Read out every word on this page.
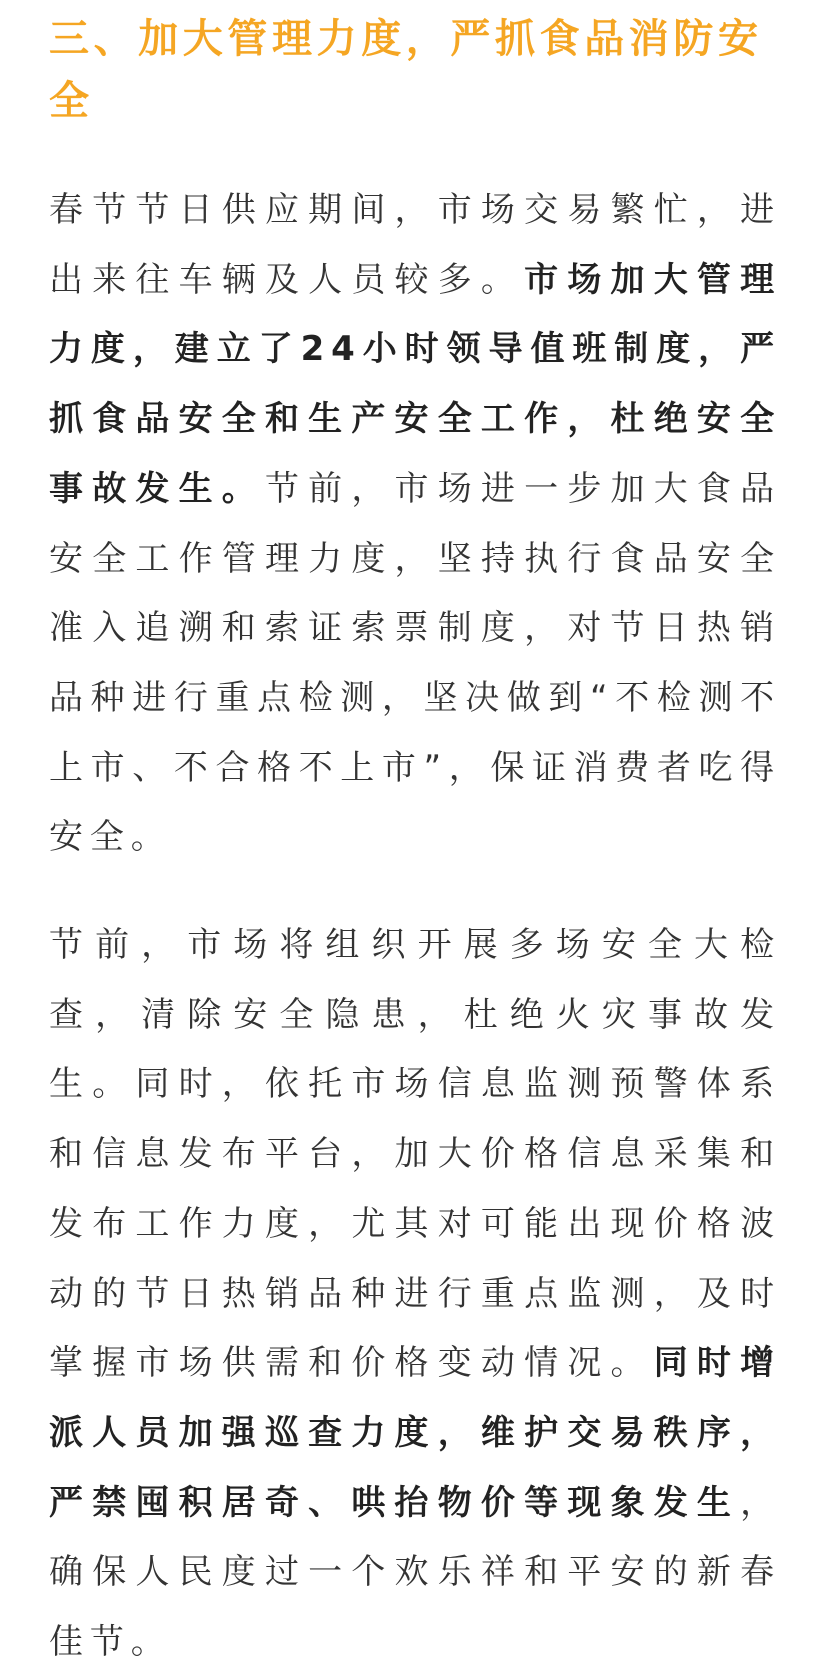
三、加大管理力度，严抓食品消防安全

春节节日供应期间，市场交易繁忙，进出来往车辆及人员较多。市场加大管理力度，建立了24小时领导值班制度，严抓食品安全和生产安全工作，杜绝安全事故发生。节前，市场进一步加大食品安全工作管理力度，坚持执行食品安全准入追溯和索证索票制度，对节日热销品种进行重点检测，坚决做到“不检测不上市、不合格不上市”，保证消费者吃得安全。

节前，市场将组织开展多场安全大检查，清除安全隐患，杜绝火灾事故发生。同时，依托市场信息监测预警体系和信息发布平台，加大价格信息采集和发布工作力度，尤其对可能出现价格波动的节日热销品种进行重点监测，及时掌握市场供需和价格变动情况。同时增派人员加强巡查力度，维护交易秩序，严禁囤积居奇、哄抬物价等现象发生，确保人民度过一个欢乐祥和平安的新春佳节。
